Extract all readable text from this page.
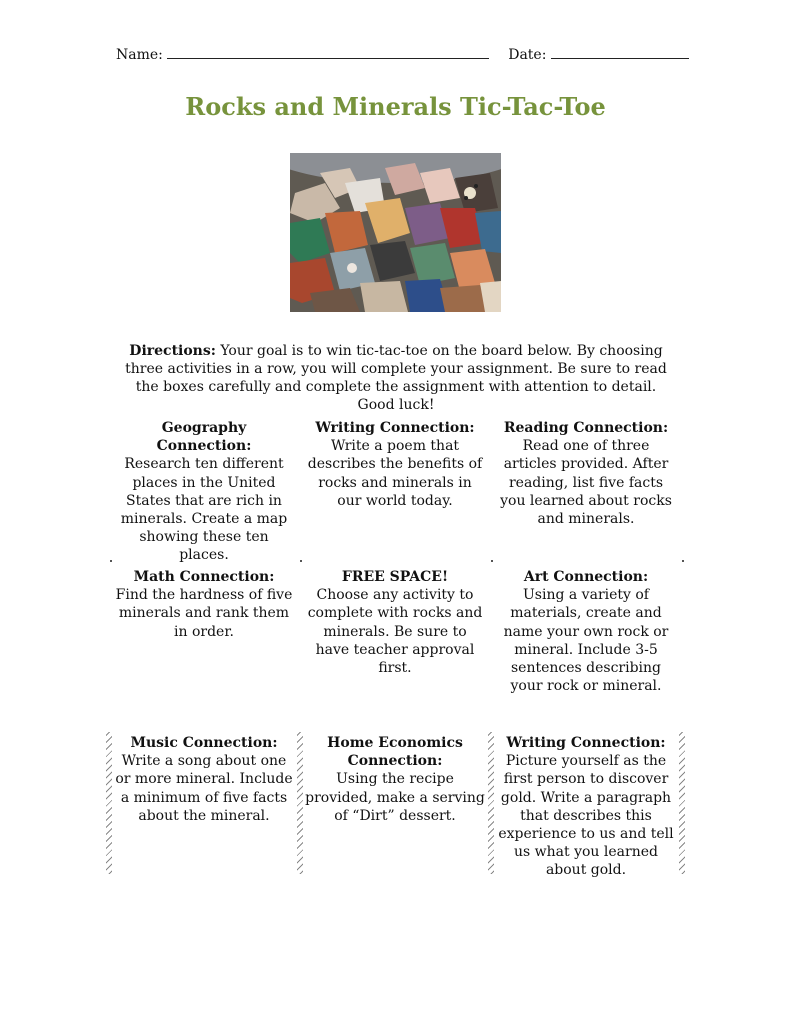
Name:	Date:
Rocks and Minerals Tic-Tac-Toe
Directions: Your goal is to win tic-tac-toe on the board below. By choosing three activities in a row, you will complete your assignment. Be sure to read the boxes carefully and complete the assignment with attention to detail. Good luck!
Geography Connection:
Research ten different places in the United States that are rich in minerals. Create a map showing these ten places.
Writing Connection:
Write a poem that describes the benefits of rocks and minerals in our world today.
Reading Connection:
Read one of three articles provided. After reading, list five facts you learned about rocks and minerals.
Math Connection:
Find the hardness of five minerals and rank them in order.
FREE SPACE!
Choose any activity to complete with rocks and minerals. Be sure to have teacher approval first.
Art Connection:
Using a variety of materials, create and name your own rock or mineral. Include 3-5 sentences describing your rock or mineral.
Music Connection:
Write a song about one or more mineral. Include a minimum of five facts about the mineral.
Home Economics Connection:
Using the recipe provided, make a serving of “Dirt” dessert.
Writing Connection:
Picture yourself as the first person to discover gold. Write a paragraph that describes this experience to us and tell us what you learned about gold.
